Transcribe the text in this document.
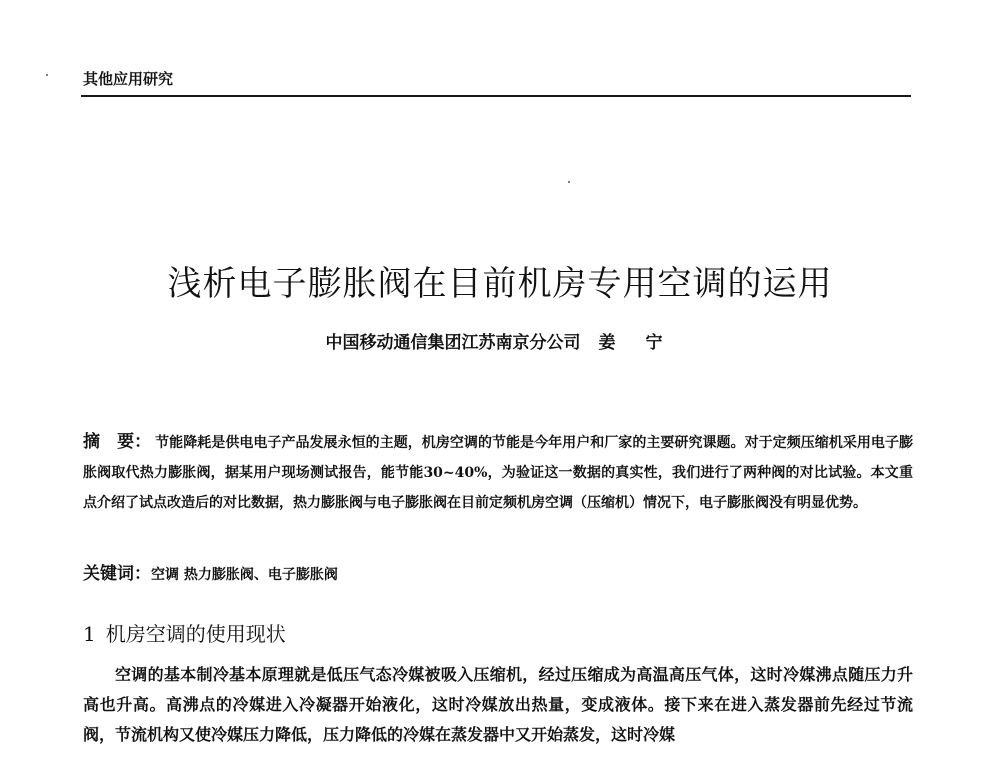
其他应用研究
浅析电子膨胀阀在目前机房专用空调的运用
中国移动通信集团江苏南京分公司 姜 宁
摘　要： 节能降耗是供电电子产品发展永恒的主题，机房空调的节能是今年用户和厂家的主要研究课题。对于定频压缩机采用电子膨胀阀取代热力膨胀阀，据某用户现场测试报告，能节能30~40%，为验证这一数据的真实性，我们进行了两种阀的对比试验。本文重点介绍了试点改造后的对比数据，热力膨胀阀与电子膨胀阀在目前定频机房空调（压缩机）情况下，电子膨胀阀没有明显优势。
关键词：空调 热力膨胀阀、电子膨胀阀
1 机房空调的使用现状
空调的基本制冷基本原理就是低压气态冷媒被吸入压缩机，经过压缩成为高温高压气体，这时冷媒沸点随压力升高也升高。高沸点的冷媒进入冷凝器开始液化，这时冷媒放出热量，变成液体。接下来在进入蒸发器前先经过节流阀，节流机构又使冷媒压力降低，压力降低的冷媒在蒸发器中又开始蒸发，这时冷媒
